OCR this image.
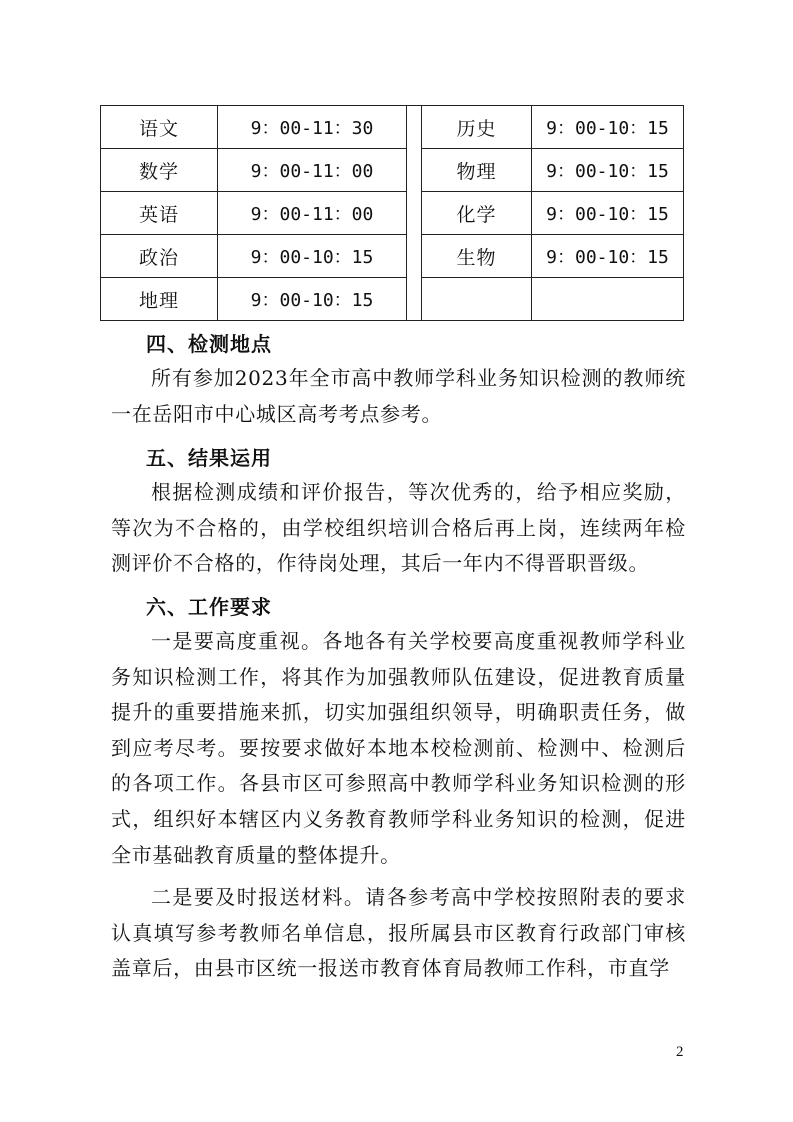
语文	9：00-11：30		历史	9：00-10：15
数学	9：00-11：00		物理	9：00-10：15
英语	9：00-11：00		化学	9：00-10：15
政治	9：00-10：15		生物	9：00-10：15
地理	9：00-10：15			
四、检测地点
所有参加2023年全市高中教师学科业务知识检测的教师统一在岳阳市中心城区高考考点参考。
五、结果运用
根据检测成绩和评价报告，等次优秀的，给予相应奖励，等次为不合格的，由学校组织培训合格后再上岗，连续两年检测评价不合格的，作待岗处理，其后一年内不得晋职晋级。
六、工作要求
一是要高度重视。各地各有关学校要高度重视教师学科业务知识检测工作，将其作为加强教师队伍建设，促进教育质量提升的重要措施来抓，切实加强组织领导，明确职责任务，做到应考尽考。要按要求做好本地本校检测前、检测中、检测后的各项工作。各县市区可参照高中教师学科业务知识检测的形式，组织好本辖区内义务教育教师学科业务知识的检测，促进全市基础教育质量的整体提升。
二是要及时报送材料。请各参考高中学校按照附表的要求认真填写参考教师名单信息，报所属县市区教育行政部门审核盖章后，由县市区统一报送市教育体育局教师工作科，市直学
2
